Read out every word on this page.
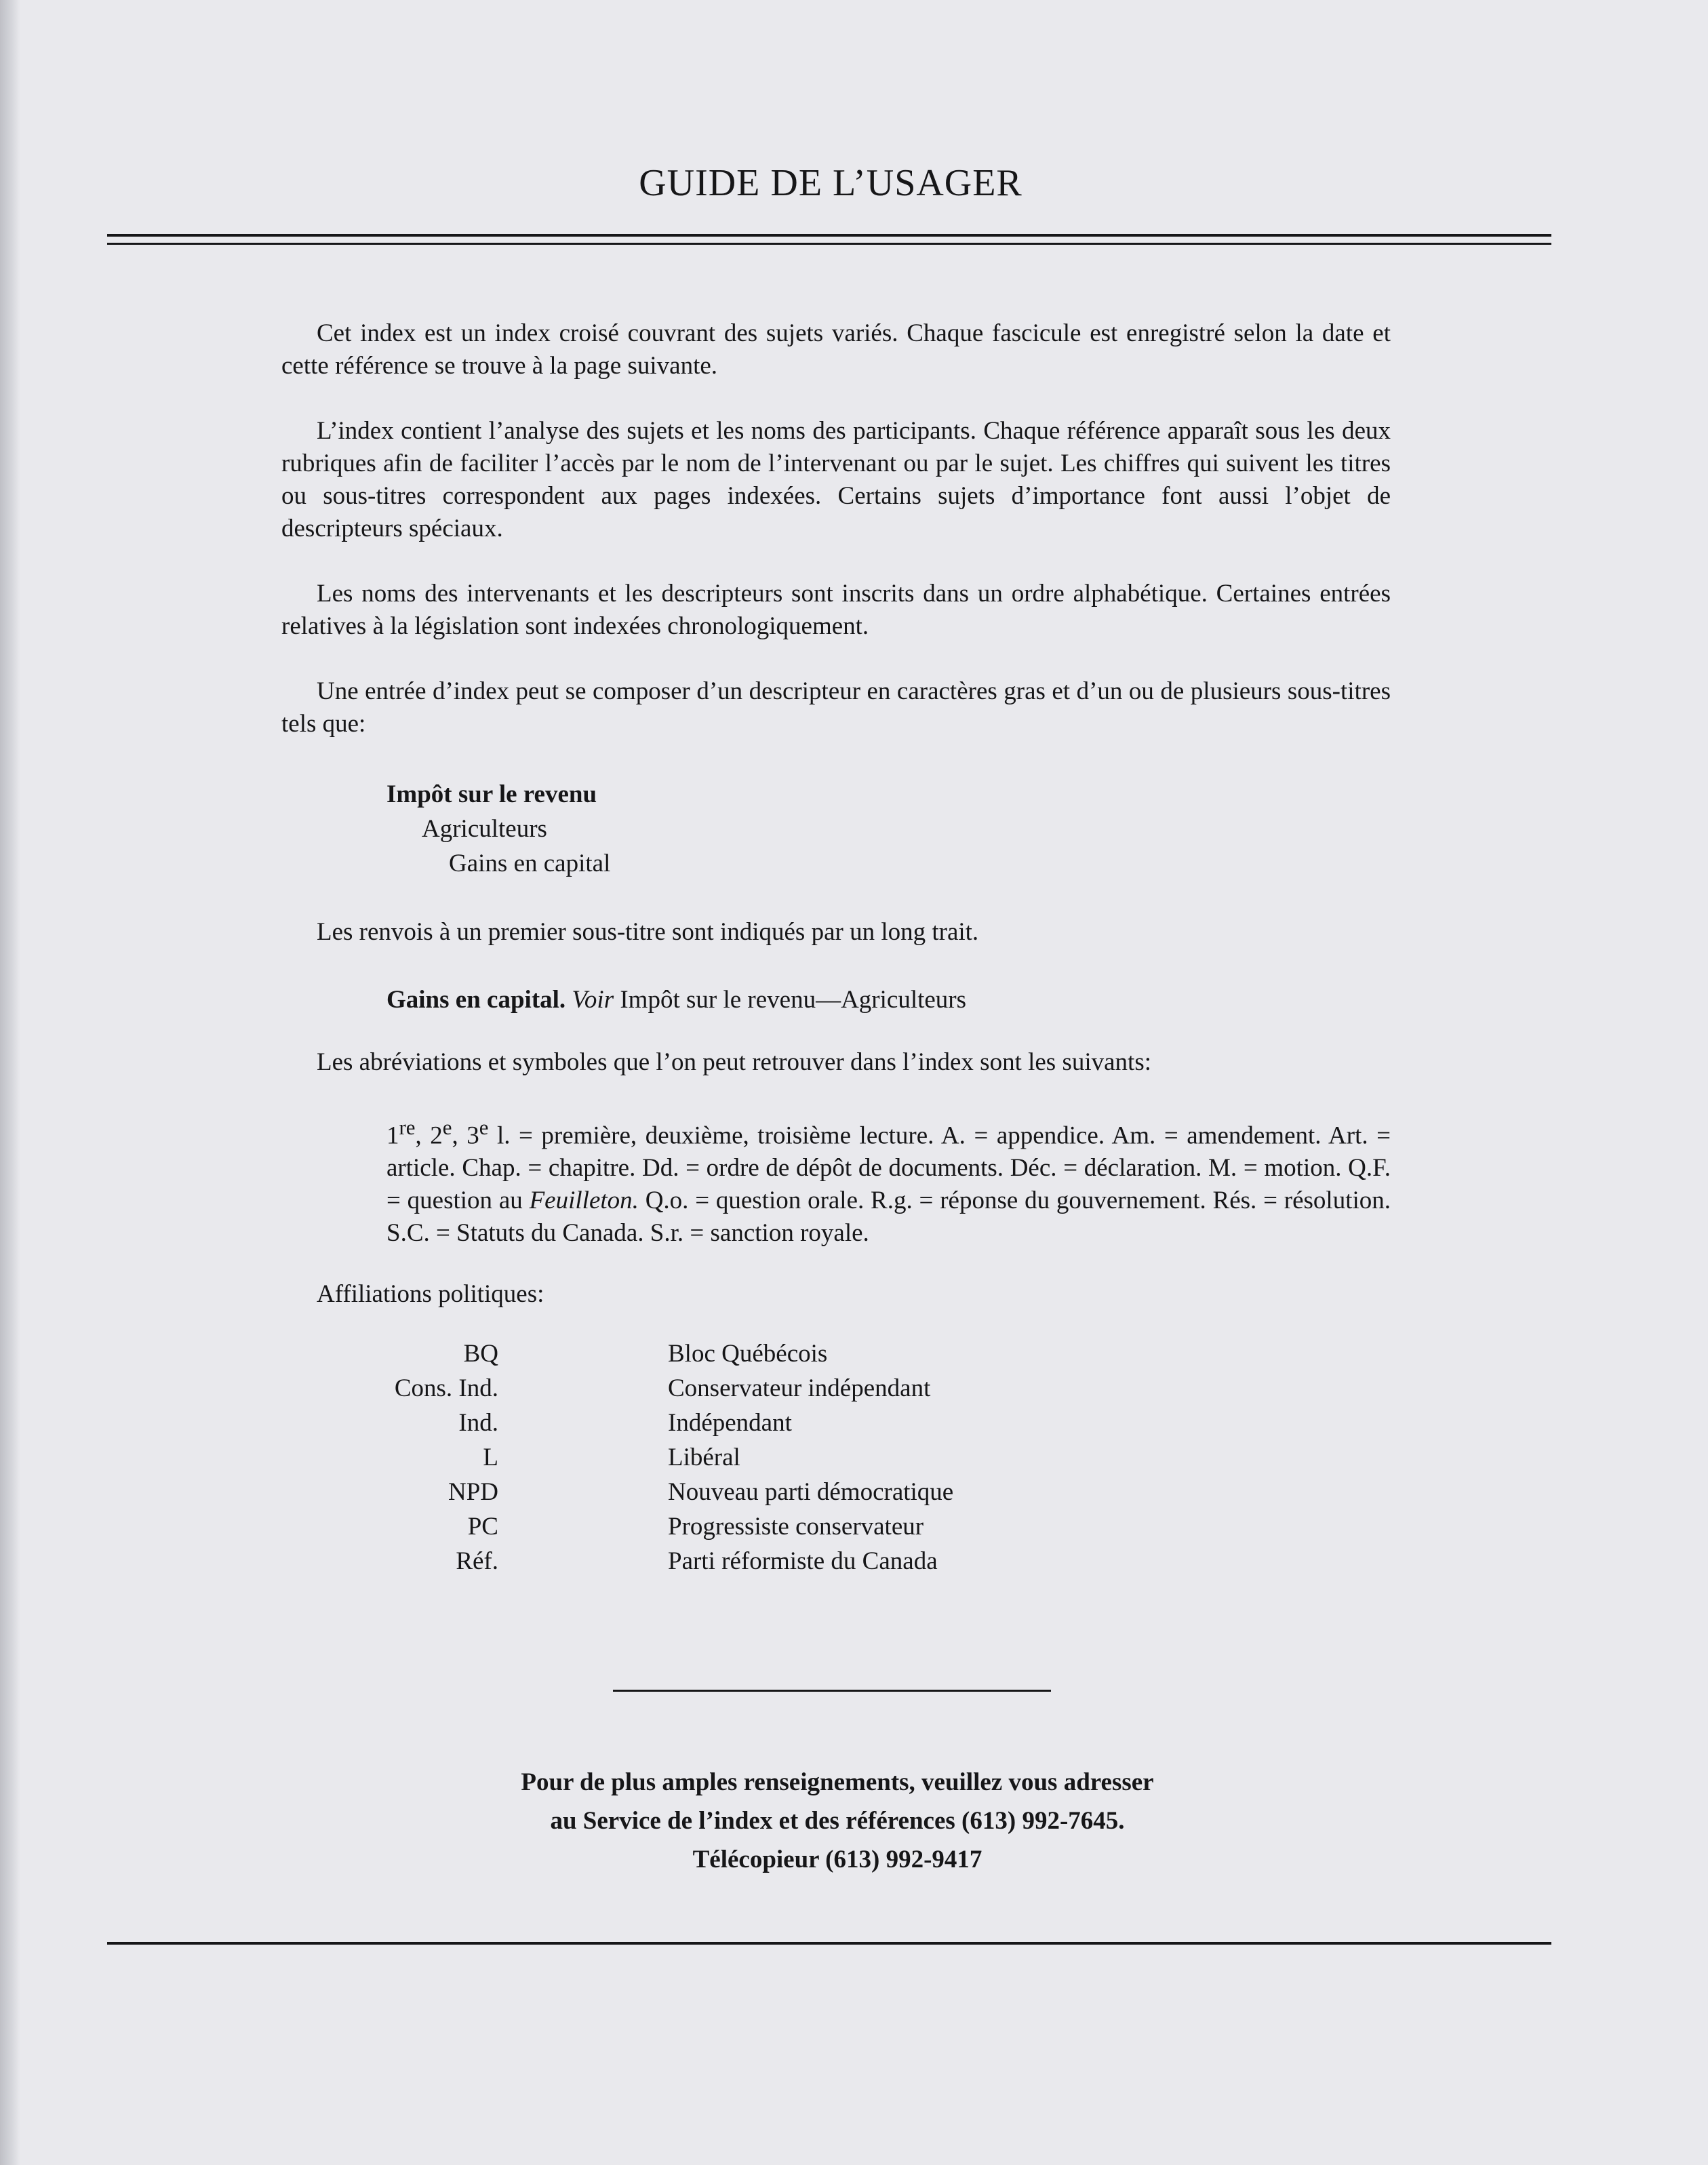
GUIDE DE L’USAGER

Cet index est un index croisé couvrant des sujets variés. Chaque fascicule est enregistré selon la date et cette référence se trouve à la page suivante.

L’index contient l’analyse des sujets et les noms des participants. Chaque référence apparaît sous les deux rubriques afin de faciliter l’accès par le nom de l’intervenant ou par le sujet. Les chiffres qui suivent les titres ou sous-titres correspondent aux pages indexées. Certains sujets d’importance font aussi l’objet de descripteurs spéciaux.

Les noms des intervenants et les descripteurs sont inscrits dans un ordre alphabétique. Certaines entrées relatives à la législation sont indexées chronologiquement.

Une entrée d’index peut se composer d’un descripteur en caractères gras et d’un ou de plusieurs sous-titres tels que:

Impôt sur le revenu
Agriculteurs
Gains en capital

Les renvois à un premier sous-titre sont indiqués par un long trait.

Gains en capital. Voir Impôt sur le revenu—Agriculteurs

Les abréviations et symboles que l’on peut retrouver dans l’index sont les suivants:

1re, 2e, 3e l. = première, deuxième, troisième lecture. A. = appendice. Am. = amendement. Art. = article. Chap. = chapitre. Dd. = ordre de dépôt de documents. Déc. = déclaration. M. = motion. Q.F. = question au Feuilleton. Q.o. = question orale. R.g. = réponse du gouvernement. Rés. = résolution. S.C. = Statuts du Canada. S.r. = sanction royale.

Affiliations politiques:

BQ	Bloc Québécois
Cons. Ind.	Conservateur indépendant
Ind.	Indépendant
L	Libéral
NPD	Nouveau parti démocratique
PC	Progressiste conservateur
Réf.	Parti réformiste du Canada
Pour de plus amples renseignements, veuillez vous adresser
au Service de l’index et des références (613) 992-7645.
Télécopieur (613) 992-9417
